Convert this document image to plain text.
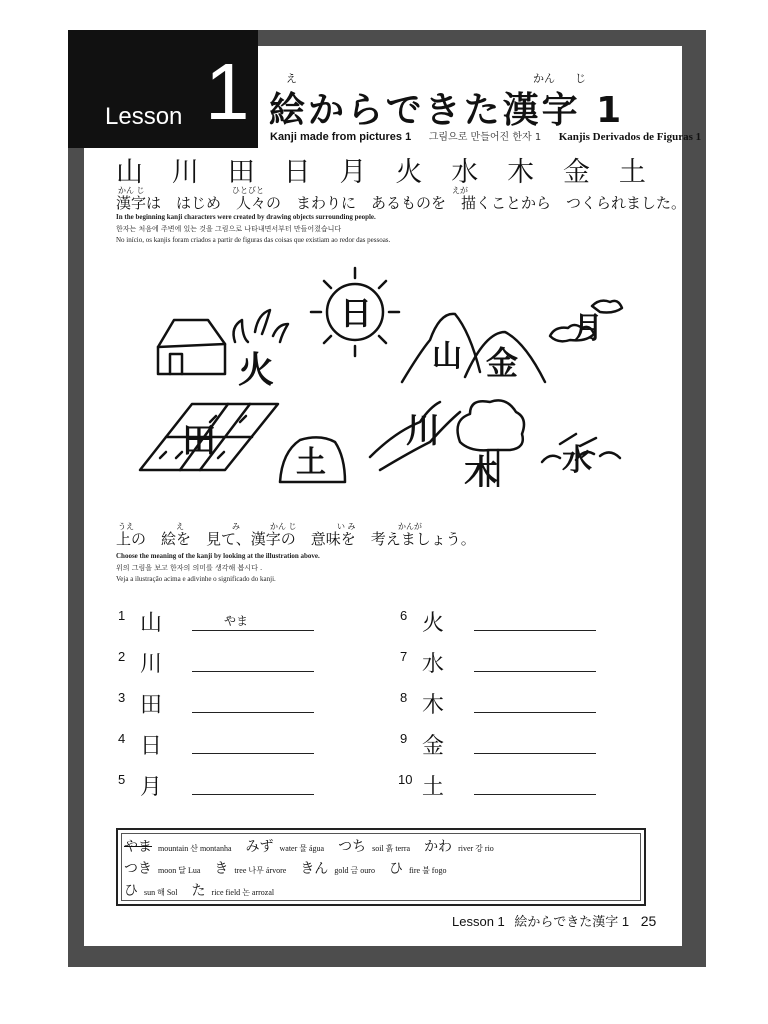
Lesson 1	え	かん じ
絵からできた漢字 1
Kanji made from pictures 1 그림으로 만들어진 한자 1 Kanjis Derivados de Figuras 1
山 川 田 日 月 火 水 木 金 土
かん じ	ひとびと	えが
漢字は　はじめ　人々の　まわりに　あるものを　描くことから　つくられました。
In the beginning kanji characters were created by drawing objects surrounding people.
한자는 처음에 주변에 있는 것을 그림으로 나타내면서부터 만들어졌습니다
No início, os kanjis foram criados a partir de figuras das coisas que existiam ao redor das pessoas.
火
日
山 金
月
田
土
川
木 水
うえ	え	み	かん じ	い み	かんが
上の　絵を　見て、漢字の　意味を　考えましょう。
Choose the meaning of the kanji by looking at the illustration above.
위의 그림을 보고 한자의 의미를 생각해 봅시다 .
Veja a ilustração acima e adivinhe o significado do kanji.
1 山	やま
2 川
3 田
4 日
5 月
6 火
7 水
8 木
9 金
10 土
やま mountain 산 montanha みず water 물 água つち soil 흙 terra かわ river 강 rio
つき moon 달 Lua き tree 나무 árvore きん gold 금 ouro ひ fire 불 fogo
ひsun 해 Sol た rice field 논 arrozal
Lesson 1 絵からできた漢字 1 25
